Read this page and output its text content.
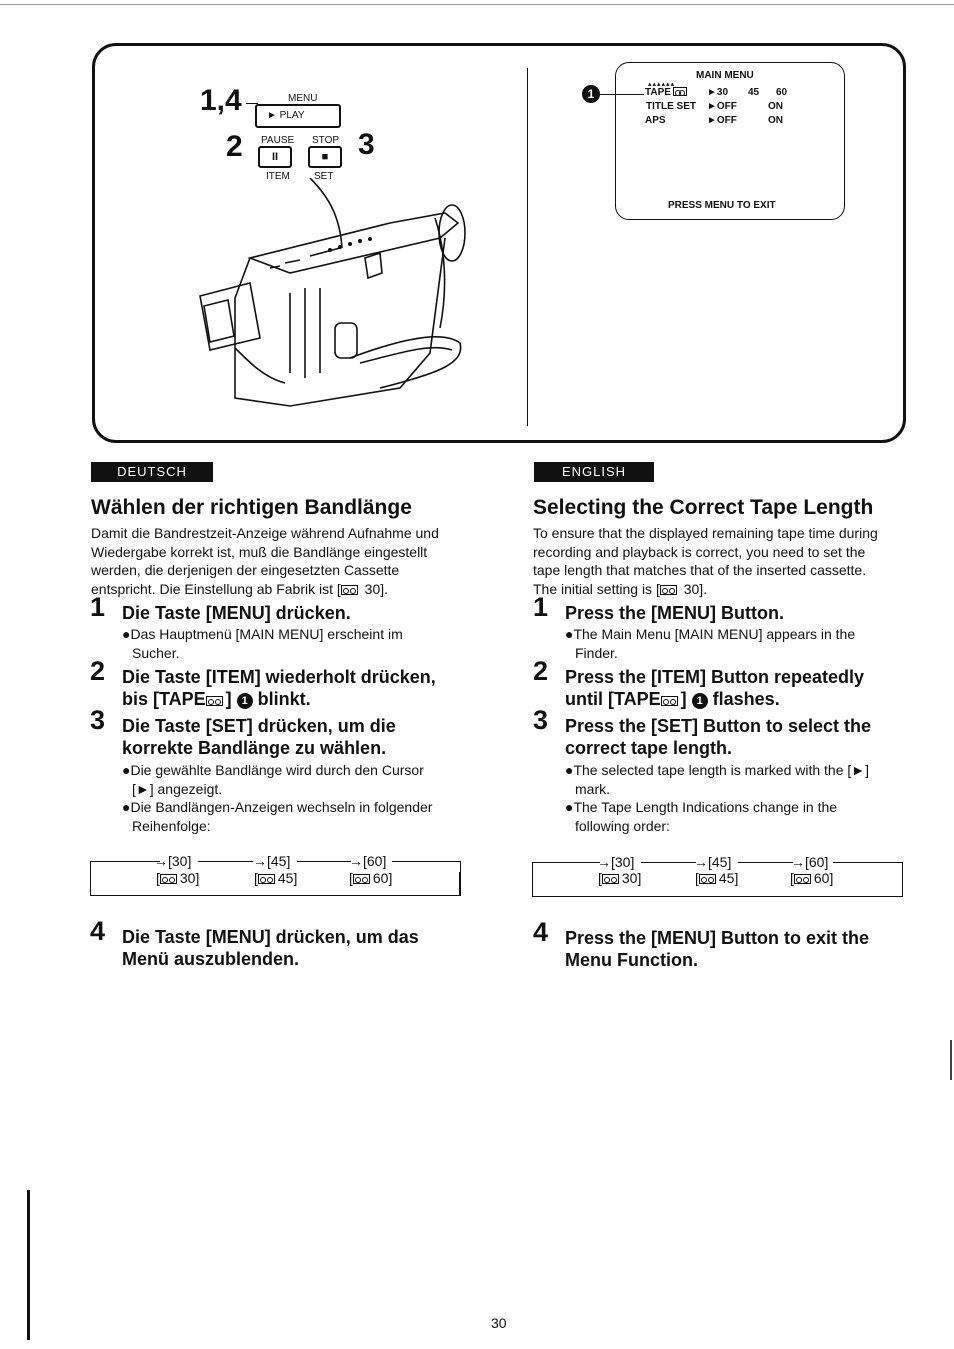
1,4	MENU
► PLAY
2	3
PAUSE STOP
II	■
ITEM SET
1
MAIN MENU
▴▴▴▴▴▴
TAPE	►30 45 60
TITLE SET ►OFF	ON
APS	►OFF	ON
PRESS MENU TO EXIT
DEUTSCH
Wählen der richtigen Bandlänge
Damit die Bandrestzeit-Anzeige während Aufnahme und
Wiedergabe korrekt ist, muß die Bandlänge eingestellt
werden, die derjenigen der eingesetzten Cassette
entspricht. Die Einstellung ab Fabrik ist [ 30].
1 Die Taste [MENU] drücken.
●Das Hauptmenü [MAIN MENU] erscheint im
Sucher.
2 Die Taste [ITEM] wiederholt drücken,
bis [TAPE ] 1 blinkt.
3 Die Taste [SET] drücken, um die
korrekte Bandlänge zu wählen.
●Die gewählte Bandlänge wird durch den Cursor
[►] angezeigt.
●Die Bandlängen-Anzeigen wechseln in folgender
Reihenfolge:
→[30]	→[45]	→[60]
[ 30]	[ 45]	[ 60]
4 Die Taste [MENU] drücken, um das
Menü auszublenden.
ENGLISH
Selecting the Correct Tape Length
To ensure that the displayed remaining tape time during
recording and playback is correct, you need to set the
tape length that matches that of the inserted cassette.
The initial setting is [ 30].
1 Press the [MENU] Button.
●The Main Menu [MAIN MENU] appears in the
Finder.
2 Press the [ITEM] Button repeatedly
until [TAPE ] 1 flashes.
3 Press the [SET] Button to select the
correct tape length.
●The selected tape length is marked with the [►]
mark.
●The Tape Length Indications change in the
following order:
→[30]	→[45]	→[60]
[ 30]	[ 45]	[ 60]
4 Press the [MENU] Button to exit the
Menu Function.
30
